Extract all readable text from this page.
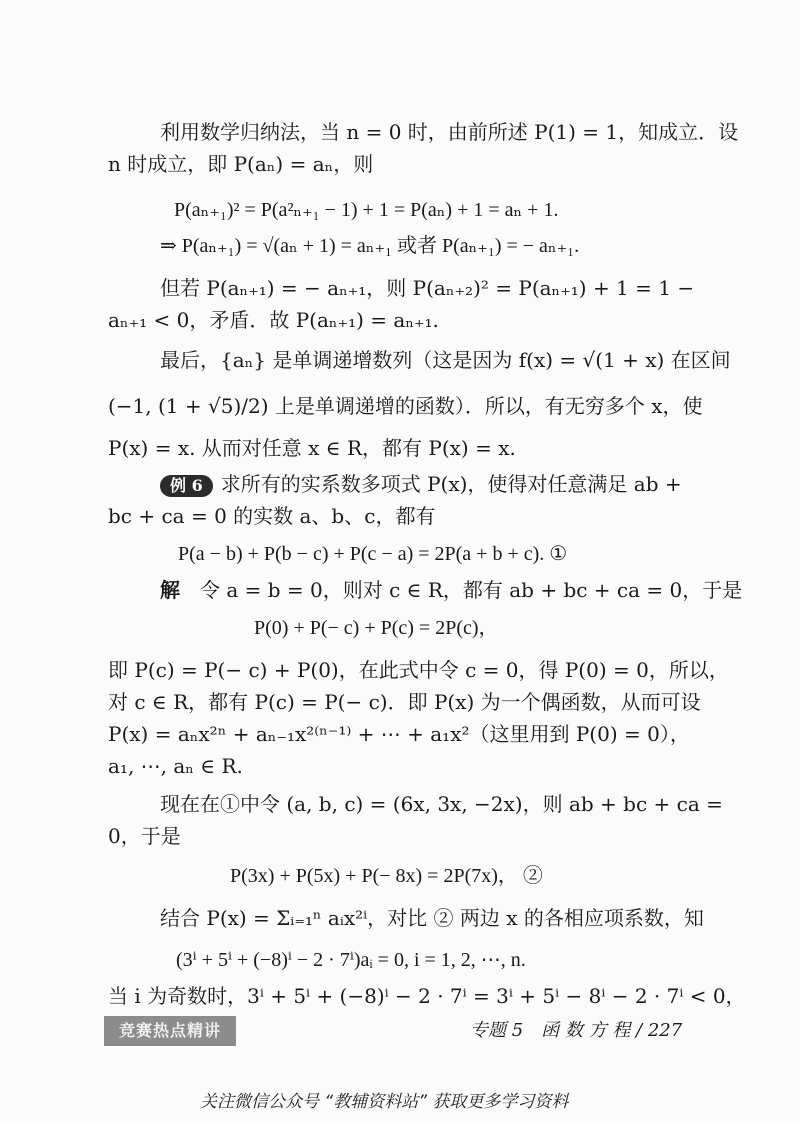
利用数学归纳法，当 n = 0 时，由前所述 P(1) = 1，知成立．设
n 时成立，即 P(aₙ) = aₙ，则
P(aₙ₊₁)² = P(a²ₙ₊₁ − 1) + 1 = P(aₙ) + 1 = aₙ + 1.
⇒ P(aₙ₊₁) = √(aₙ + 1) = aₙ₊₁ 或者 P(aₙ₊₁) = − aₙ₊₁.
但若 P(aₙ₊₁) = − aₙ₊₁，则 P(aₙ₊₂)² = P(aₙ₊₁) + 1 = 1 −
aₙ₊₁ < 0，矛盾．故 P(aₙ₊₁) = aₙ₊₁.
最后，{aₙ} 是单调递增数列（这是因为 f(x) = √(1 + x) 在区间
(−1, (1 + √5)/2) 上是单调递增的函数）．所以，有无穷多个 x，使
P(x) = x. 从而对任意 x ∈ R，都有 P(x) = x.
例 6 求所有的实系数多项式 P(x)，使得对任意满足 ab +
bc + ca = 0 的实数 a、b、c，都有
P(a − b) + P(b − c) + P(c − a) = 2P(a + b + c). ①
解　 令 a = b = 0，则对 c ∈ R，都有 ab + bc + ca = 0，于是
P(0) + P(− c) + P(c) = 2P(c)，
即 P(c) = P(− c) + P(0)，在此式中令 c = 0，得 P(0) = 0，所以，
对 c ∈ R，都有 P(c) = P(− c)．即 P(x) 为一个偶函数，从而可设
P(x) = aₙx²ⁿ + aₙ₋₁x²⁽ⁿ⁻¹⁾ + ⋯ + a₁x²（这里用到 P(0) = 0），
a₁, ⋯, aₙ ∈ R.
现在在①中令 (a, b, c) = (6x, 3x, −2x)，则 ab + bc + ca =
0，于是
P(3x) + P(5x) + P(− 8x) = 2P(7x)， ②
结合 P(x) = Σᵢ₌₁ⁿ aᵢx²ⁱ，对比 ② 两边 x 的各相应项系数，知
(3ⁱ + 5ⁱ + (−8)ⁱ − 2 · 7ⁱ)aᵢ = 0, i = 1, 2, ⋯, n.
当 i 为奇数时，3ⁱ + 5ⁱ + (−8)ⁱ − 2 · 7ⁱ = 3ⁱ + 5ⁱ − 8ⁱ − 2 · 7ⁱ < 0，
竞赛热点精讲	专题 5　函 数 方 程 / 227
关注微信公众号 “教辅资料站” 获取更多学习资料
